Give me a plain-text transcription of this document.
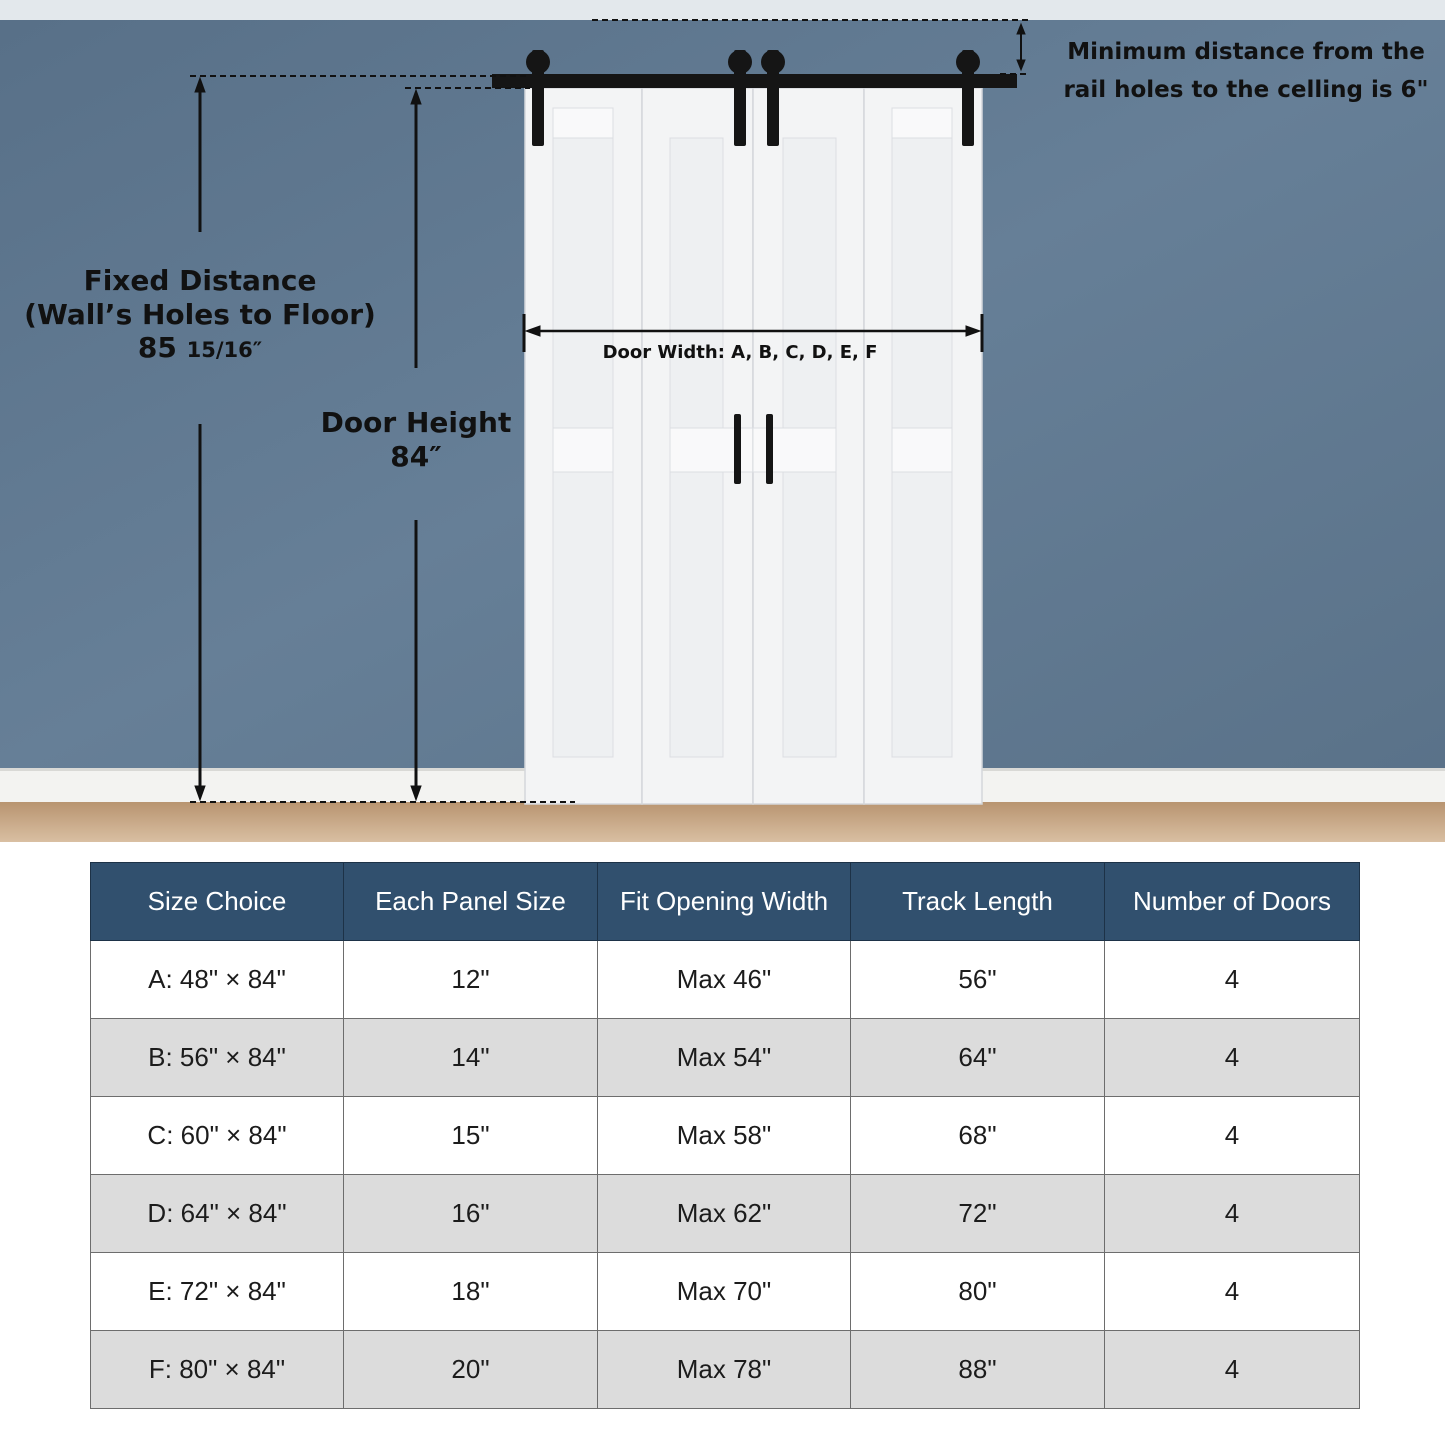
Fixed Distance
(Wall’s Holes to Floor)
85 15/16″
Door Height
84″
Minimum distance from the
rail holes to the celling is 6"
Door Width: A, B, C, D, E, F
Size Choice	Each Panel Size	Fit Opening Width	Track Length	Number of Doors
A: 48" × 84"	12"	Max 46"	56"	4
B: 56" × 84"	14"	Max 54"	64"	4
C: 60" × 84"	15"	Max 58"	68"	4
D: 64" × 84"	16"	Max 62"	72"	4
E: 72" × 84"	18"	Max 70"	80"	4
F: 80" × 84"	20"	Max 78"	88"	4
